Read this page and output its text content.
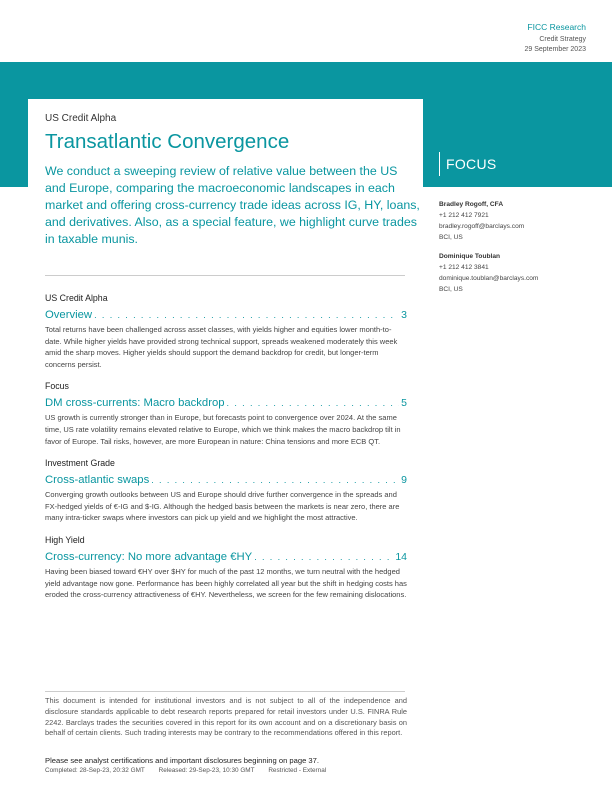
FICC Research
Credit Strategy
29 September 2023
US Credit Alpha
Transatlantic Convergence

We conduct a sweeping review of relative value between the US and Europe, comparing the macroeconomic landscapes in each market and offering cross-currency trade ideas across IG, HY, loans, and derivatives. Also, as a special feature, we highlight curve trades in taxable munis.

FOCUS
Bradley Rogoff, CFA
+1 212 412 7921
bradley.rogoff@barclays.com
BCI, US
Dominique Toublan
+1 212 412 3841
dominique.toublan@barclays.com
BCI, US
US Credit Alpha
Overview . . .	3

Total returns have been challenged across asset classes, with yields higher and equities lower month-to-date. While higher yields have provided strong technical support, spreads weakened moderately this week amid the sharp moves. Higher yields should support the demand backdrop for credit, but longer-term concerns persist.

Focus
DM cross-currents: Macro backdrop . . .	5

US growth is currently stronger than in Europe, but forecasts point to convergence over 2024. At the same time, US rate volatility remains elevated relative to Europe, which we think makes the macro backdrop tilt in favor of Europe. Tail risks, however, are more European in nature: China tensions and more ECB QT.

Investment Grade
Cross-atlantic swaps . . .	9

Converging growth outlooks between US and Europe should drive further convergence in the spreads and FX-hedged yields of €-IG and $-IG. Although the hedged basis between the markets is near zero, there are many intra-ticker swaps where investors can pick up yield and we highlight the most attractive.

High Yield
Cross-currency: No more advantage €HY . . .	14

Having been biased toward €HY over $HY for much of the past 12 months, we turn neutral with the hedged yield advantage now gone. Performance has been highly correlated all year but the shift in hedging costs has eroded the cross-currency attractiveness of €HY. Nevertheless, we screen for the few remaining dislocations.

This document is intended for institutional investors and is not subject to all of the independence and disclosure standards applicable to debt research reports prepared for retail investors under U.S. FINRA Rule 2242. Barclays trades the securities covered in this report for its own account and on a discretionary basis on behalf of certain clients. Such trading interests may be contrary to the recommendations offered in this report.

Please see analyst certifications and important disclosures beginning on page 37.
Completed: 28-Sep-23, 20:32 GMT Released: 29-Sep-23, 10:30 GMT Restricted - External
